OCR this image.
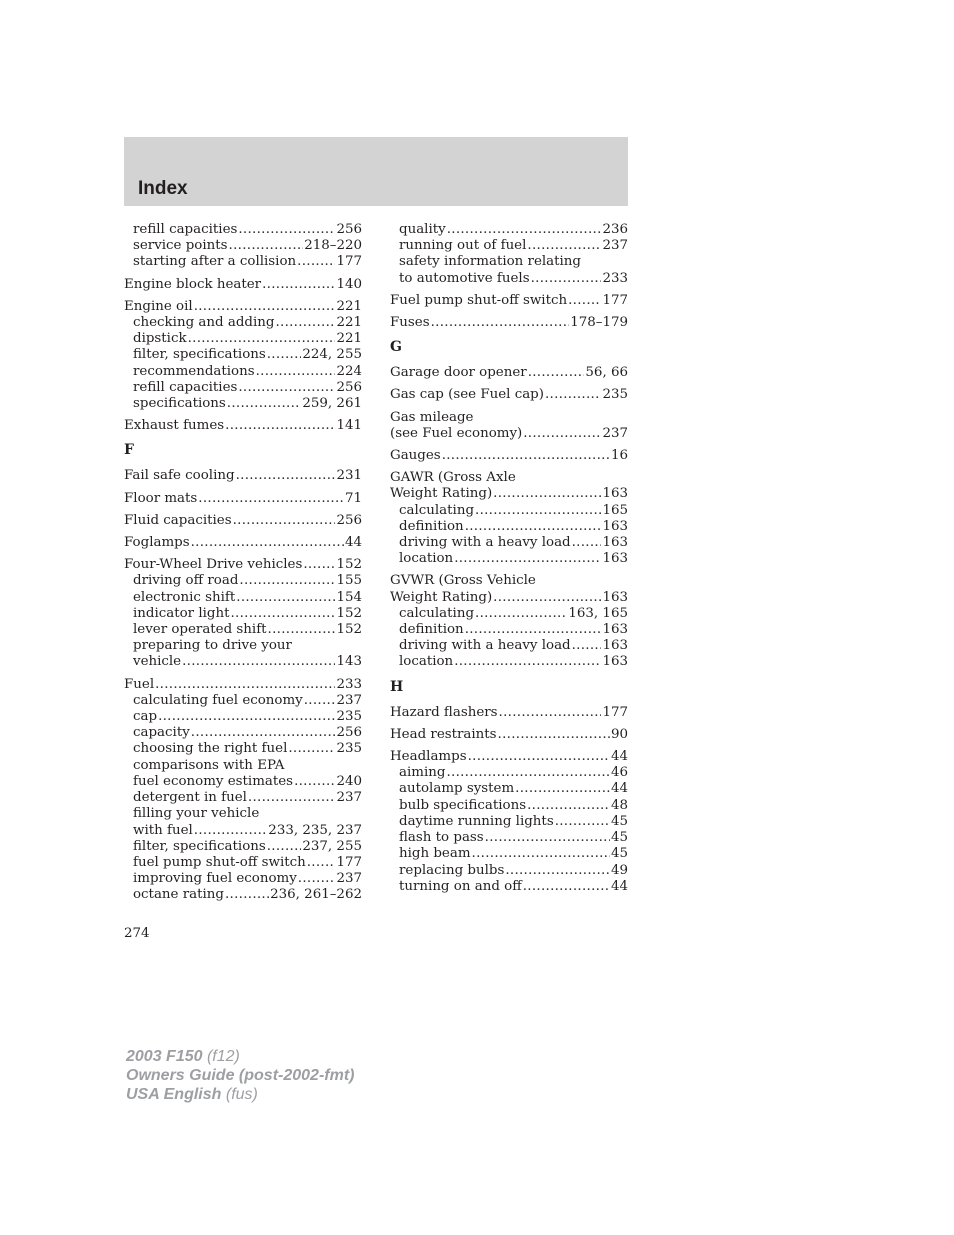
Index
refill capacities .....	256
service points .....	218–220
starting after a collision .....	177
Engine block heater .....	140
Engine oil .....	221
checking and adding .....	221
dipstick .....	221
filter, specifications .....	224, 255
recommendations .....	224
refill capacities .....	256
specifications .....	259, 261
Exhaust fumes .....	141
F
Fail safe cooling .....	231
Floor mats .....	71
Fluid capacities .....	256
Foglamps .....	44
Four-Wheel Drive vehicles .....	152
driving off road .....	155
electronic shift .....	154
indicator light .....	152
lever operated shift .....	152
preparing to drive your
vehicle .....	143
Fuel .....	233
calculating fuel economy .....	237
cap .....	235
capacity .....	256
choosing the right fuel .....	235
comparisons with EPA
fuel economy estimates .....	240
detergent in fuel .....	237
filling your vehicle
with fuel .....	233, 235, 237
filter, specifications .....	237, 255
fuel pump shut-off switch ..... 177
improving fuel economy .....	237
octane rating .....	236, 261–262
quality .....	236
running out of fuel .....	237
safety information relating
to automotive fuels .....	233
Fuel pump shut-off switch .....	177
Fuses .....	178–179
G
Garage door opener .....	56, 66
Gas cap (see Fuel cap) .....	235
Gas mileage
(see Fuel economy) .....	237
Gauges .....	16
GAWR (Gross Axle
Weight Rating) .....	163
calculating .....	165
definition .....	163
driving with a heavy load ..... 163
location .....	163
GVWR (Gross Vehicle
Weight Rating) .....	163
calculating .....	163, 165
definition .....	163
driving with a heavy load ..... 163
location .....	163
H
Hazard flashers .....	177
Head restraints .....	90
Headlamps .....	44
aiming .....	46
autolamp system .....	44
bulb specifications .....	48
daytime running lights .....	45
flash to pass .....	45
high beam .....	45
replacing bulbs .....	49
turning on and off .....	44
274
2003 F150 (f12)
Owners Guide (post-2002-fmt)
USA English (fus)
